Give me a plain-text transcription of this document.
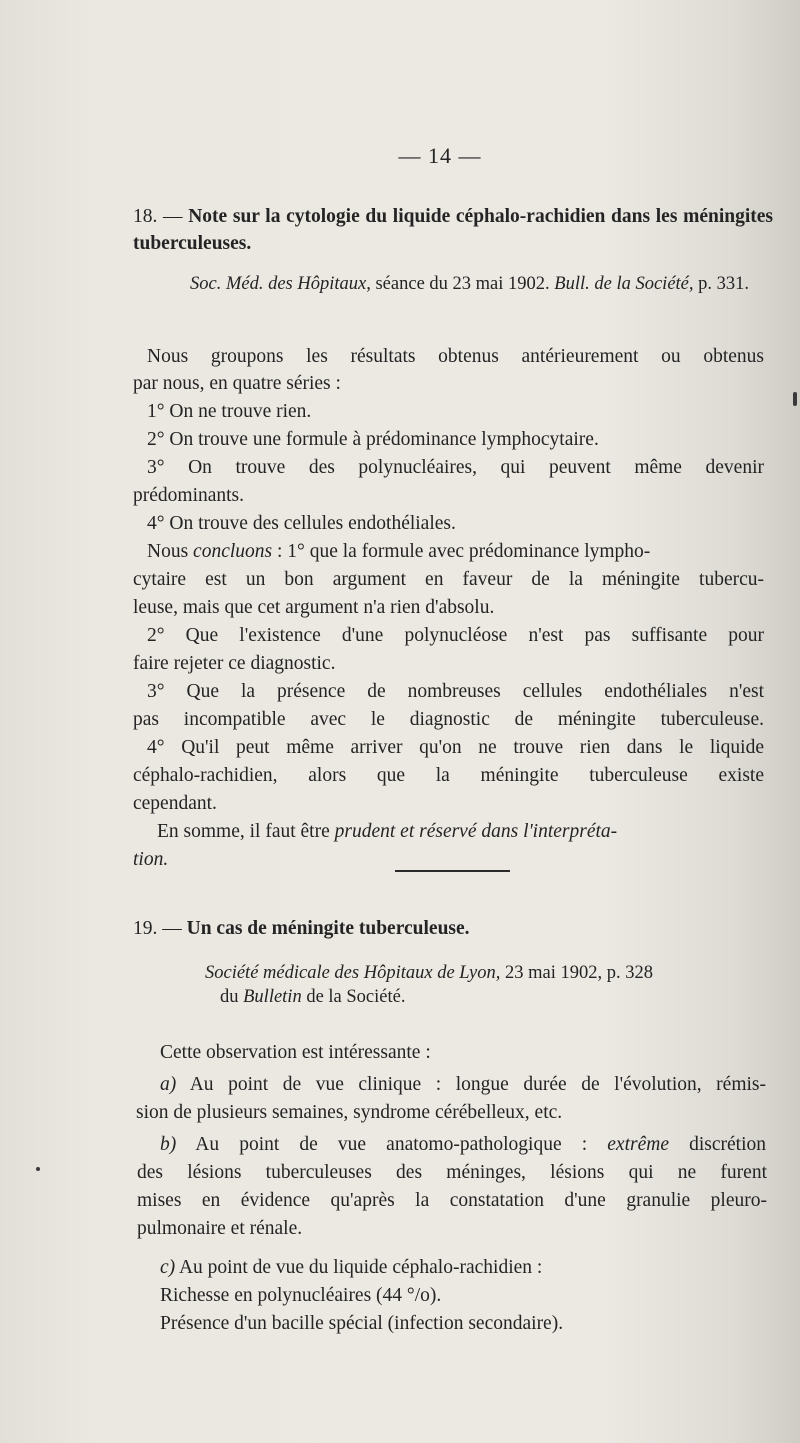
— 14 —
18. — Note sur la cytologie du liquide céphalo-rachidien dans les méningites tuberculeuses.
Soc. Méd. des Hôpitaux, séance du 23 mai 1902. Bull. de la Société, p. 331.
Nous groupons les résultats obtenus antérieurement ou obtenus
par nous, en quatre séries :
1° On ne trouve rien.
2° On trouve une formule à prédominance lymphocytaire.
3° On trouve des polynucléaires, qui peuvent même devenir
prédominants.
4° On trouve des cellules endothéliales.
Nous concluons : 1° que la formule avec prédominance lympho-
cytaire est un bon argument en faveur de la méningite tubercu-
leuse, mais que cet argument n'a rien d'absolu.
2° Que l'existence d'une polynucléose n'est pas suffisante pour
faire rejeter ce diagnostic.
3° Que la présence de nombreuses cellules endothéliales n'est
pas incompatible avec le diagnostic de méningite tuberculeuse.
4° Qu'il peut même arriver qu'on ne trouve rien dans le liquide
céphalo-rachidien, alors que la méningite tuberculeuse existe
cependant.
En somme, il faut être prudent et réservé dans l'interpréta-
tion.
19. — Un cas de méningite tuberculeuse.
Société médicale des Hôpitaux de Lyon, 23 mai 1902, p. 328
du Bulletin de la Société.
Cette observation est intéressante :
a) Au point de vue clinique : longue durée de l'évolution, rémis-
sion de plusieurs semaines, syndrome cérébelleux, etc.
b) Au point de vue anatomo-pathologique : extrême discrétion
des lésions tuberculeuses des méninges, lésions qui ne furent
mises en évidence qu'après la constatation d'une granulie pleuro-
pulmonaire et rénale.
c) Au point de vue du liquide céphalo-rachidien :
Richesse en polynucléaires (44 °/o).
Présence d'un bacille spécial (infection secondaire).
